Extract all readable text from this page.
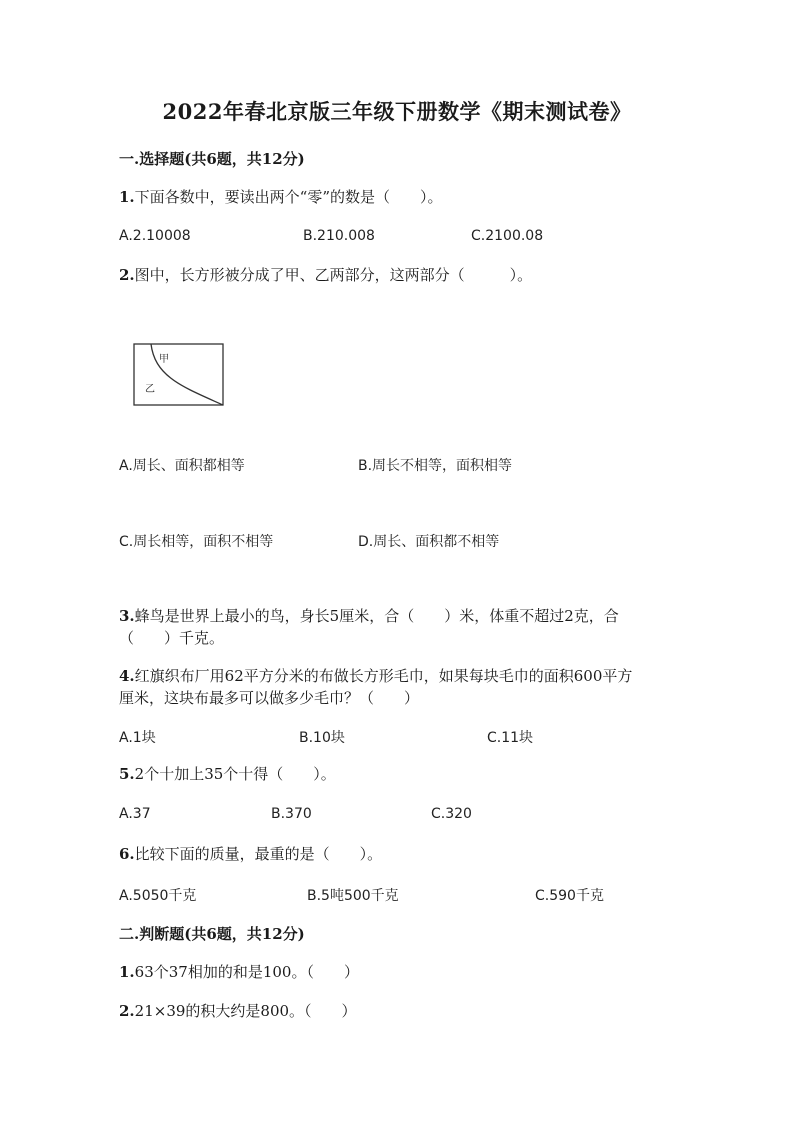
2022年春北京版三年级下册数学《期末测试卷》
一.选择题(共6题，共12分)
1.下面各数中，要读出两个“零”的数是（　　）。
A.2.10008	B.210.008	C.2100.08
2.图中，长方形被分成了甲、乙两部分，这两部分（　　　）。
甲
乙
A.周长、面积都相等	B.周长不相等，面积相等
C.周长相等，面积不相等	D.周长、面积都不相等
3.蜂鸟是世界上最小的鸟，身长5厘米，合（　　）米，体重不超过2克，合
（　　）千克。
4.红旗织布厂用62平方分米的布做长方形毛巾，如果每块毛巾的面积600平方
厘米，这块布最多可以做多少毛巾？（　　）
A.1块	B.10块	C.11块
5.2个十加上35个十得（　　）。
A.37	B.370	C.320
6.比较下面的质量，最重的是（　　）。
A.5050千克	B.5吨500千克	C.590千克
二.判断题(共6题，共12分)
1.63个37相加的和是100。（　　）
2.21×39的积大约是800。（　　）
